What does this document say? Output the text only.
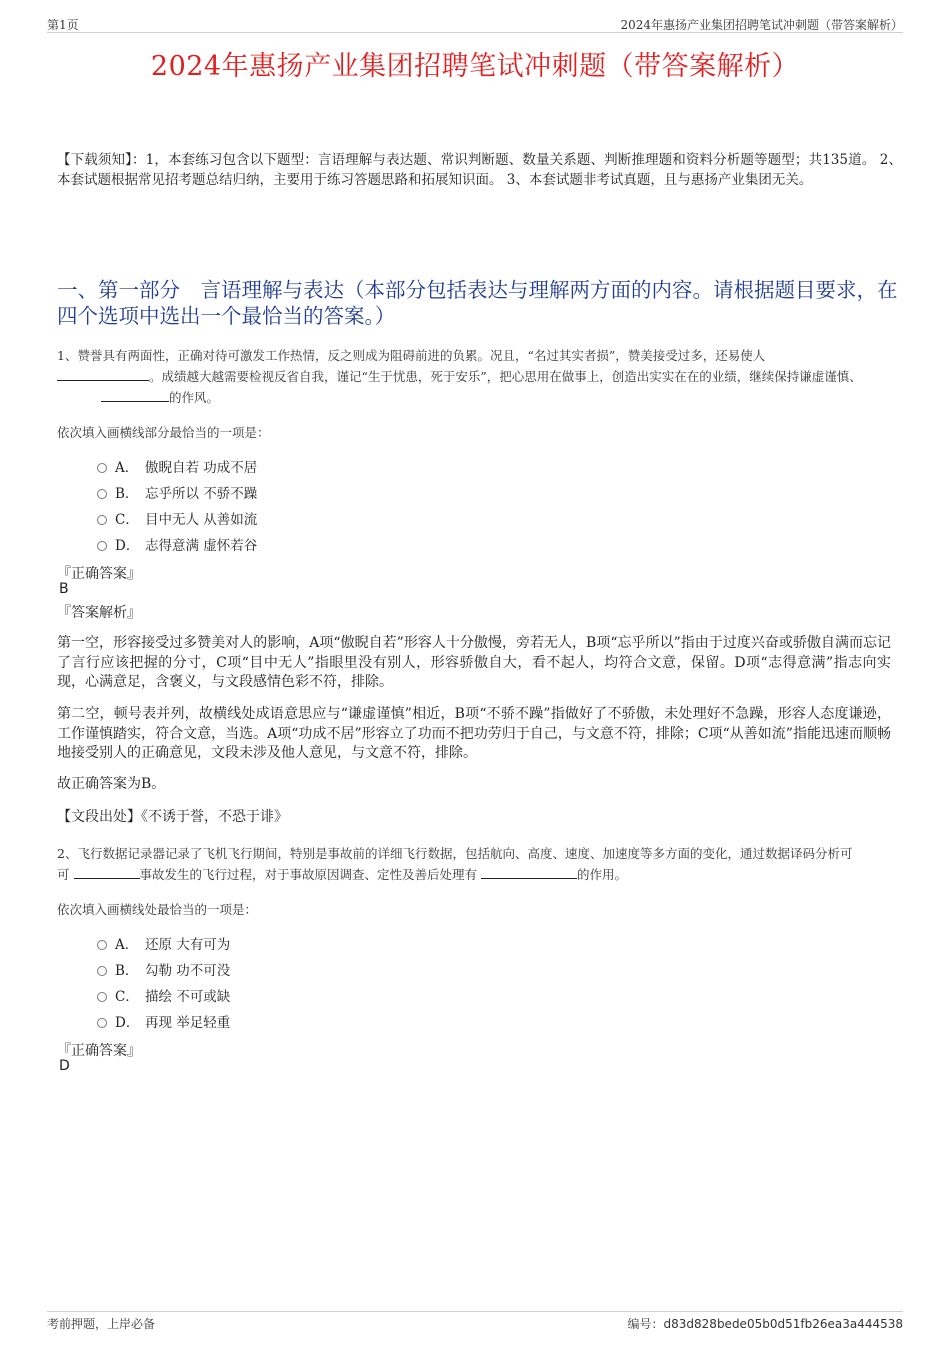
第1页	2024年惠扬产业集团招聘笔试冲刺题（带答案解析）
2024年惠扬产业集团招聘笔试冲刺题（带答案解析）
【下载须知】：1，本套练习包含以下题型：言语理解与表达题、常识判断题、数量关系题、判断推理题和资料分析题等题型；共135道。 2、本套试题根据常见招考题总结归纳，主要用于练习答题思路和拓展知识面。 3、本套试题非考试真题，且与惠扬产业集团无关。
一、第一部分　言语理解与表达（本部分包括表达与理解两方面的内容。请根据题目要求，在四个选项中选出一个最恰当的答案。）
1、赞誉具有两面性，正确对待可激发工作热情，反之则成为阻碍前进的负累。况且，“名过其实者损”，赞美接受过多，还易使人
。成绩越大越需要检视反省自我，谨记“生于忧患，死于安乐”，把心思用在做事上，创造出实实在在的业绩，继续保持谦虚谨慎、
的作风。
依次填入画横线部分最恰当的一项是：
A． 傲睨自若 功成不居
B． 忘乎所以 不骄不躁
C． 目中无人 从善如流
D． 志得意满 虚怀若谷
『正确答案』
B
『答案解析』
第一空，形容接受过多赞美对人的影响，A项“傲睨自若”形容人十分傲慢，旁若无人，B项“忘乎所以”指由于过度兴奋或骄傲自满而忘记了言行应该把握的分寸，C项“目中无人”指眼里没有别人，形容骄傲自大，看不起人，均符合文意，保留。D项“志得意满”指志向实现，心满意足，含褒义，与文段感情色彩不符，排除。
第二空，顿号表并列，故横线处成语意思应与“谦虚谨慎”相近，B项“不骄不躁”指做好了不骄傲，未处理好不急躁，形容人态度谦逊，工作谨慎踏实，符合文意，当选。A项“功成不居”形容立了功而不把功劳归于自己，与文意不符，排除；C项“从善如流”指能迅速而顺畅地接受别人的正确意见，文段未涉及他人意见，与文意不符，排除。
故正确答案为B。
【文段出处】《不诱于誉，不恐于诽》
2、飞行数据记录器记录了飞机飞行期间，特别是事故前的详细飞行数据，包括航向、高度、速度、加速度等多方面的变化，通过数据译码分析可
可	事故发生的飞行过程，对于事故原因调查、定性及善后处理有	的作用。
依次填入画横线处最恰当的一项是：
A． 还原 大有可为
B． 勾勒 功不可没
C． 描绘 不可或缺
D． 再现 举足轻重
『正确答案』
D
考前押题，上岸必备	编号：d83d828bede05b0d51fb26ea3a444538
